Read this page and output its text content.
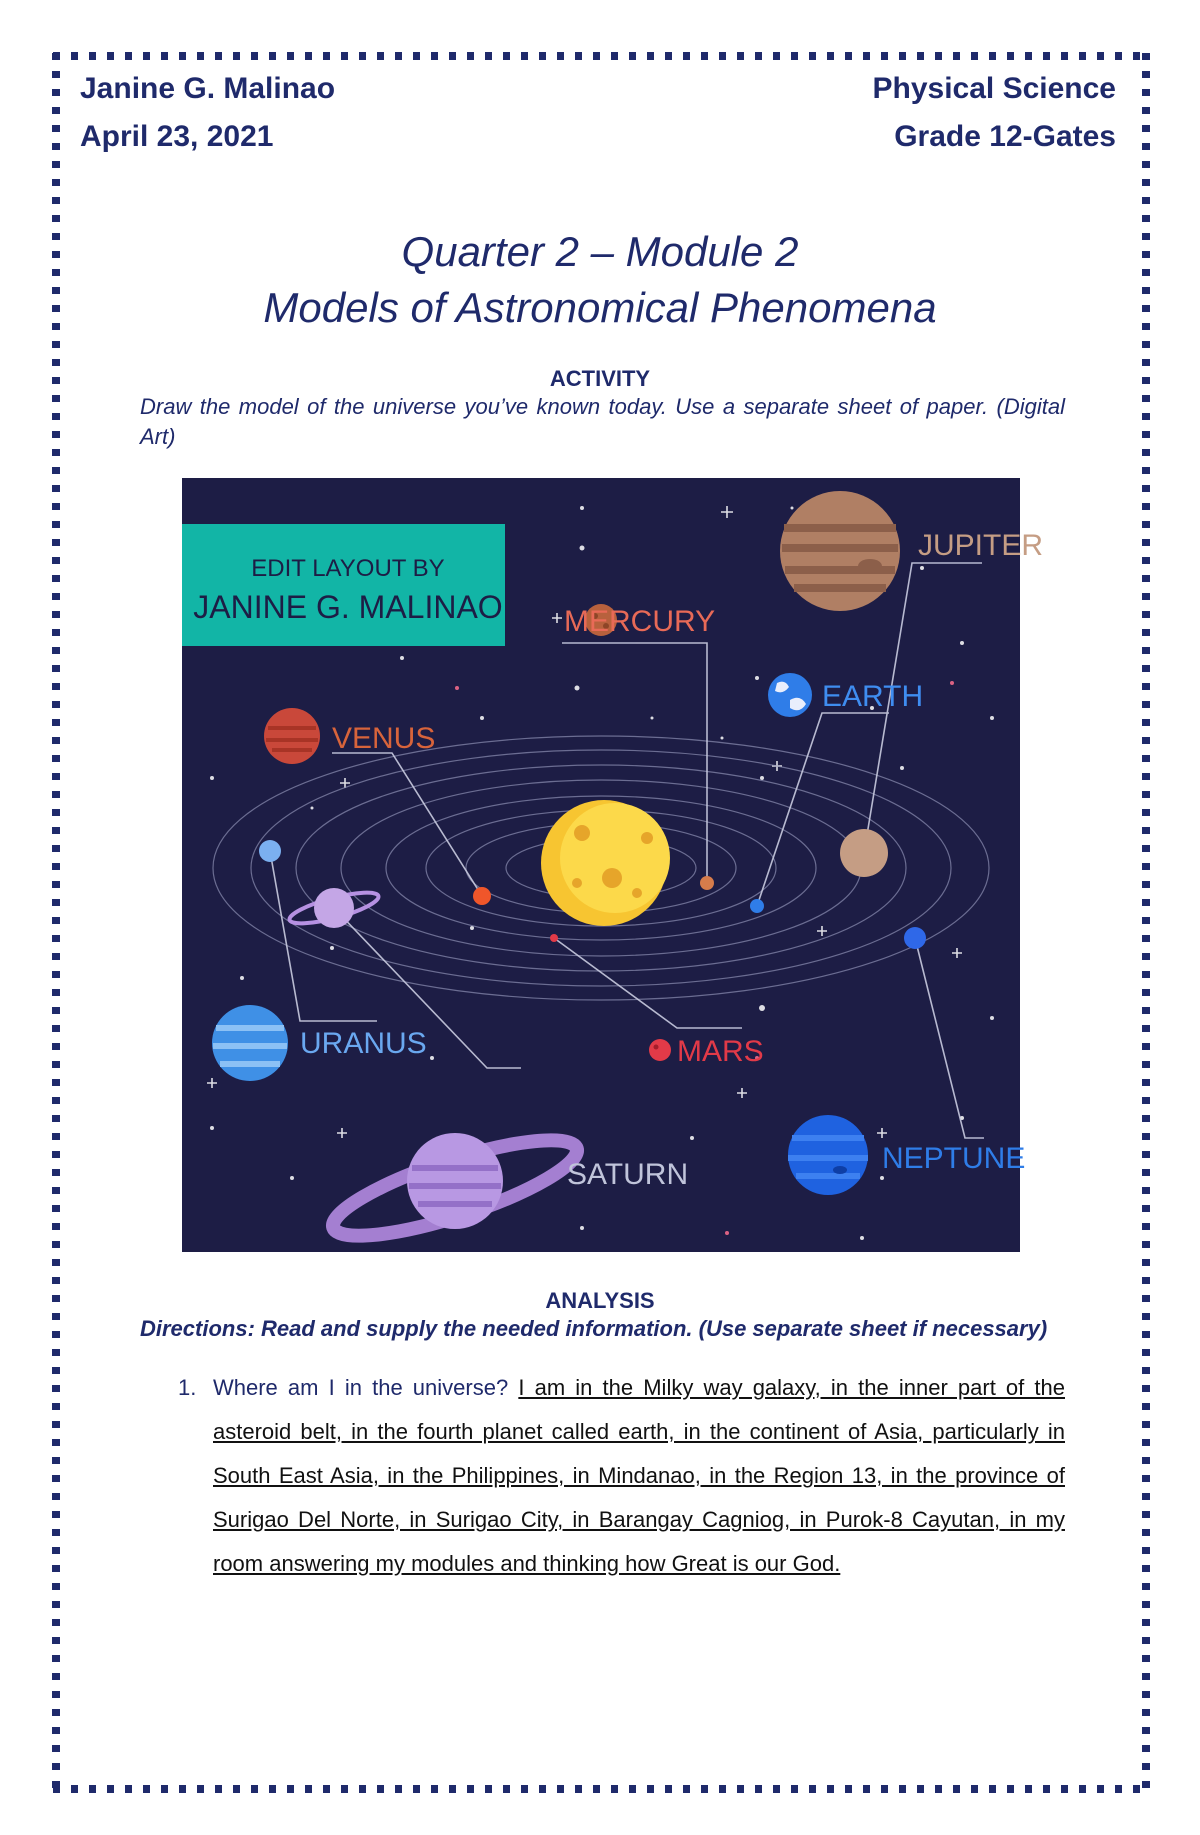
Janine G. Malinao
April 23, 2021
Physical Science
Grade 12-Gates
Quarter 2 – Module 2
Models of Astronomical Phenomena
ACTIVITY
Draw the model of the universe you’ve known today. Use a separate sheet of paper. (Digital Art)
EDIT LAYOUT BY
JANINE G. MALINAO MERCURY
VENUS
EARTH
JUPITER
MARS
URANUS
SATURN	NEPTUNE
ANALYSIS
Directions: Read and supply the needed information. (Use separate sheet if necessary)
1. Where am I in the universe? I am in the Milky way galaxy, in the inner part of the asteroid belt, in the fourth planet called earth, in the continent of Asia, particularly in South East Asia, in the Philippines, in Mindanao, in the Region 13, in the province of Surigao Del Norte, in Surigao City, in Barangay Cagniog, in Purok-8 Cayutan, in my room answering my modules and thinking how Great is our God.
